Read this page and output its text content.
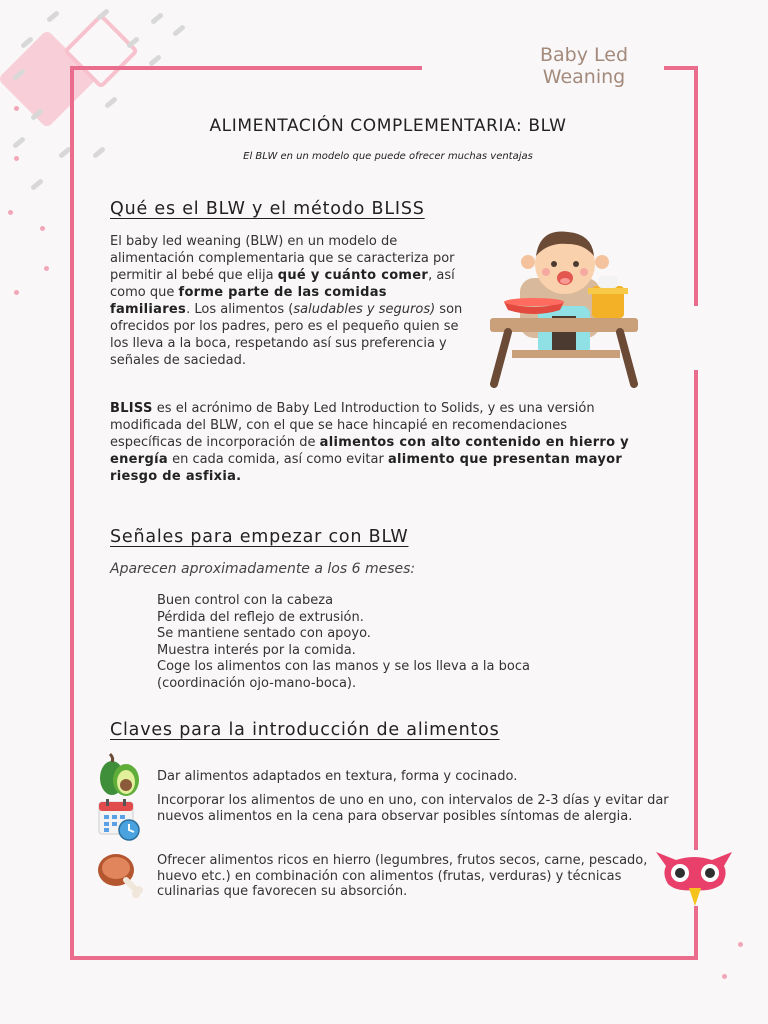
Baby Led
Weaning
ALIMENTACIÓN COMPLEMENTARIA: BLW
El BLW en un modelo que puede ofrecer muchas ventajas
Qué es el BLW y el método BLISS
El baby led weaning (BLW) en un modelo de alimentación complementaria que se caracteriza por permitir al bebé que elija qué y cuánto comer, así como que forme parte de las comidas familiares. Los alimentos (saludables y seguros) son ofrecidos por los padres, pero es el pequeño quien se los lleva a la boca, respetando así sus preferencia y señales de saciedad.
BLISS es el acrónimo de Baby Led Introduction to Solids, y es una versión modificada del BLW, con el que se hace hincapié en recomendaciones específicas de incorporación de alimentos con alto contenido en hierro y energía en cada comida, así como evitar alimento que presentan mayor riesgo de asfixia.
Señales para empezar con BLW
Aparecen aproximadamente a los 6 meses:
Buen control con la cabeza
Pérdida del reflejo de extrusión.
Se mantiene sentado con apoyo.
Muestra interés por la comida.
Coge los alimentos con las manos y se los lleva a la boca
(coordinación ojo-mano-boca).
Claves para la introducción de alimentos
Dar alimentos adaptados en textura, forma y cocinado.
Incorporar los alimentos de uno en uno, con intervalos de 2-3 días y evitar dar nuevos alimentos en la cena para observar posibles síntomas de alergia.
Ofrecer alimentos ricos en hierro (legumbres, frutos secos, carne, pescado, huevo etc.) en combinación con alimentos (frutas, verduras) y técnicas culinarias que favorecen su absorción.
